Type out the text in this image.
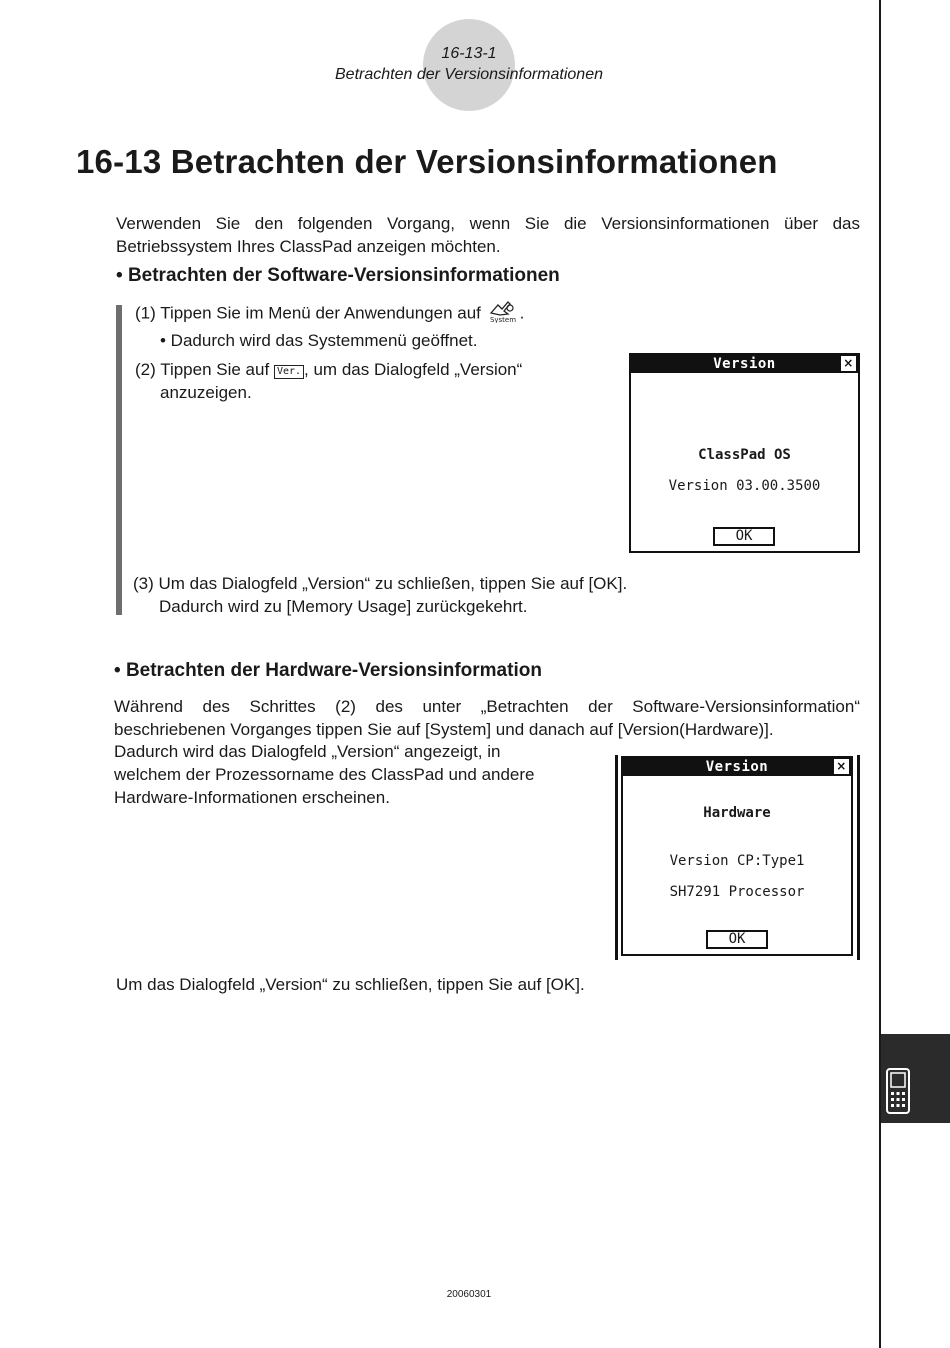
16-13-1
Betrachten der Versionsinformationen
16-13 Betrachten der Versionsinformationen
Verwenden Sie den folgenden Vorgang, wenn Sie die Versionsinformationen über das
Betriebssystem Ihres ClassPad anzeigen möchten.
• Betrachten der Software-Versionsinformationen
(1) Tippen Sie im Menü der Anwendungen auf System .
• Dadurch wird das Systemmenü geöffnet.
(2) Tippen Sie auf Ver. , um das Dialogfeld „Version“
anzuzeigen.
Version	×
ClassPad OS
Version 03.00.3500
OK
(3) Um das Dialogfeld „Version“ zu schließen, tippen Sie auf [OK].
Dadurch wird zu [Memory Usage] zurückgekehrt.
• Betrachten der Hardware-Versionsinformation
Während des Schrittes (2) des unter „Betrachten der Software-Versionsinformation“
beschriebenen Vorganges tippen Sie auf [System] und danach auf [Version(Hardware)].
Dadurch wird das Dialogfeld „Version“ angezeigt, in
welchem der Prozessorname des ClassPad und andere
Hardware-Informationen erscheinen.
Version	×
Hardware
Version CP:Type1
SH7291 Processor
OK
Um das Dialogfeld „Version“ zu schließen, tippen Sie auf [OK].
20060301
